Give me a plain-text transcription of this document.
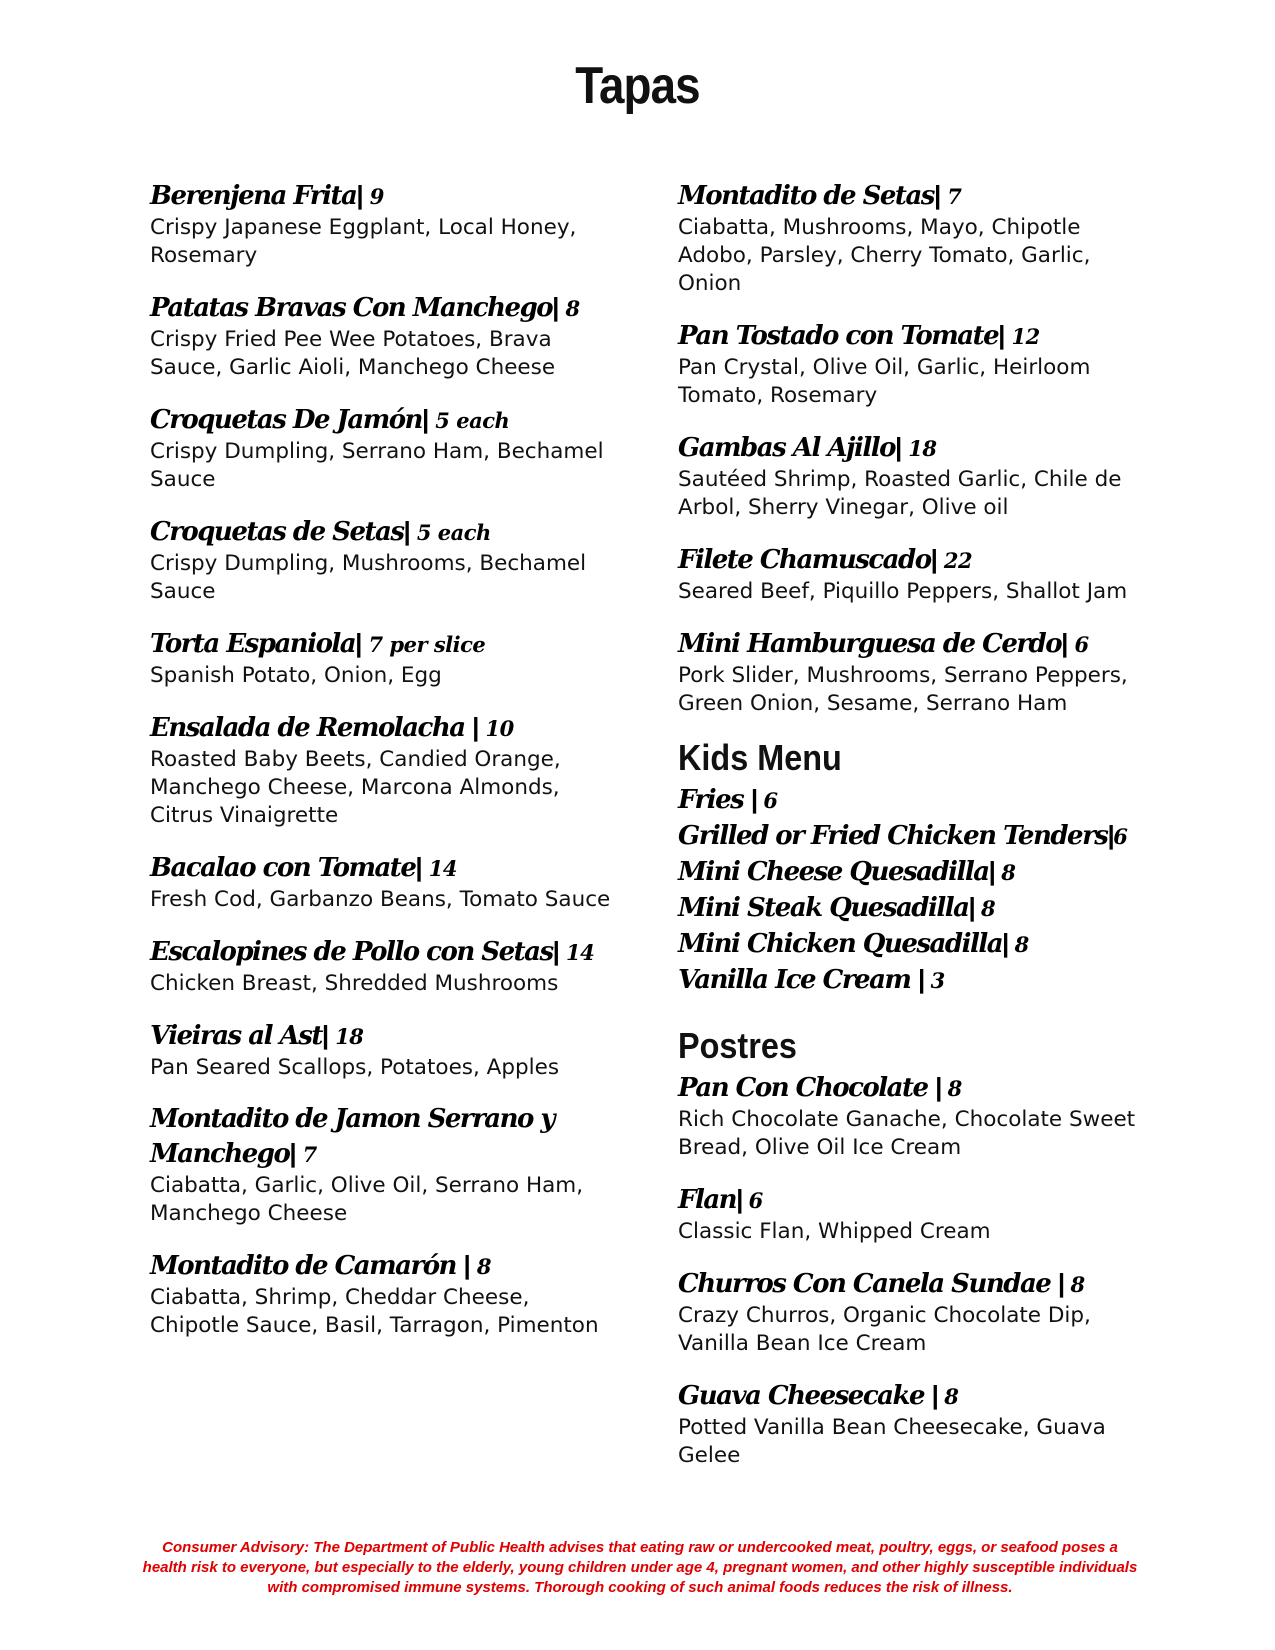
Tapas
Berenjena Frita| 9
Crispy Japanese Eggplant, Local Honey, Rosemary
Patatas Bravas Con Manchego| 8
Crispy Fried Pee Wee Potatoes, Brava Sauce, Garlic Aioli, Manchego Cheese
Croquetas De Jamón| 5 each
Crispy Dumpling, Serrano Ham, Bechamel Sauce
Croquetas de Setas| 5 each
Crispy Dumpling, Mushrooms, Bechamel Sauce
Torta Espaniola| 7 per slice
Spanish Potato, Onion, Egg
Ensalada de Remolacha | 10
Roasted Baby Beets, Candied Orange, Manchego Cheese, Marcona Almonds, Citrus Vinaigrette
Bacalao con Tomate| 14
Fresh Cod, Garbanzo Beans, Tomato Sauce
Escalopines de Pollo con Setas| 14
Chicken Breast, Shredded Mushrooms
Vieiras al Ast| 18
Pan Seared Scallops, Potatoes, Apples
Montadito de Jamon Serrano y Manchego| 7
Ciabatta, Garlic, Olive Oil, Serrano Ham, Manchego Cheese
Montadito de Camarón | 8
Ciabatta, Shrimp, Cheddar Cheese, Chipotle Sauce, Basil, Tarragon, Pimenton
Montadito de Setas| 7
Ciabatta, Mushrooms, Mayo, Chipotle Adobo, Parsley, Cherry Tomato, Garlic, Onion
Pan Tostado con Tomate| 12
Pan Crystal, Olive Oil, Garlic, Heirloom Tomato, Rosemary
Gambas Al Ajillo| 18
Sautéed Shrimp, Roasted Garlic, Chile de Arbol, Sherry Vinegar, Olive oil
Filete Chamuscado| 22
Seared Beef, Piquillo Peppers, Shallot Jam
Mini Hamburguesa de Cerdo| 6
Pork Slider, Mushrooms, Serrano Peppers, Green Onion, Sesame, Serrano Ham
Kids Menu
Fries | 6
Grilled or Fried Chicken Tenders|6
Mini Cheese Quesadilla| 8
Mini Steak Quesadilla| 8
Mini Chicken Quesadilla| 8
Vanilla Ice Cream | 3
Postres
Pan Con Chocolate | 8
Rich Chocolate Ganache, Chocolate Sweet Bread, Olive Oil Ice Cream
Flan| 6
Classic Flan, Whipped Cream
Churros Con Canela Sundae | 8
Crazy Churros, Organic Chocolate Dip, Vanilla Bean Ice Cream
Guava Cheesecake | 8
Potted Vanilla Bean Cheesecake, Guava Gelee
Consumer Advisory: The Department of Public Health advises that eating raw or undercooked meat, poultry, eggs, or seafood poses a health risk to everyone, but especially to the elderly, young children under age 4, pregnant women, and other highly susceptible individuals with compromised immune systems. Thorough cooking of such animal foods reduces the risk of illness.
